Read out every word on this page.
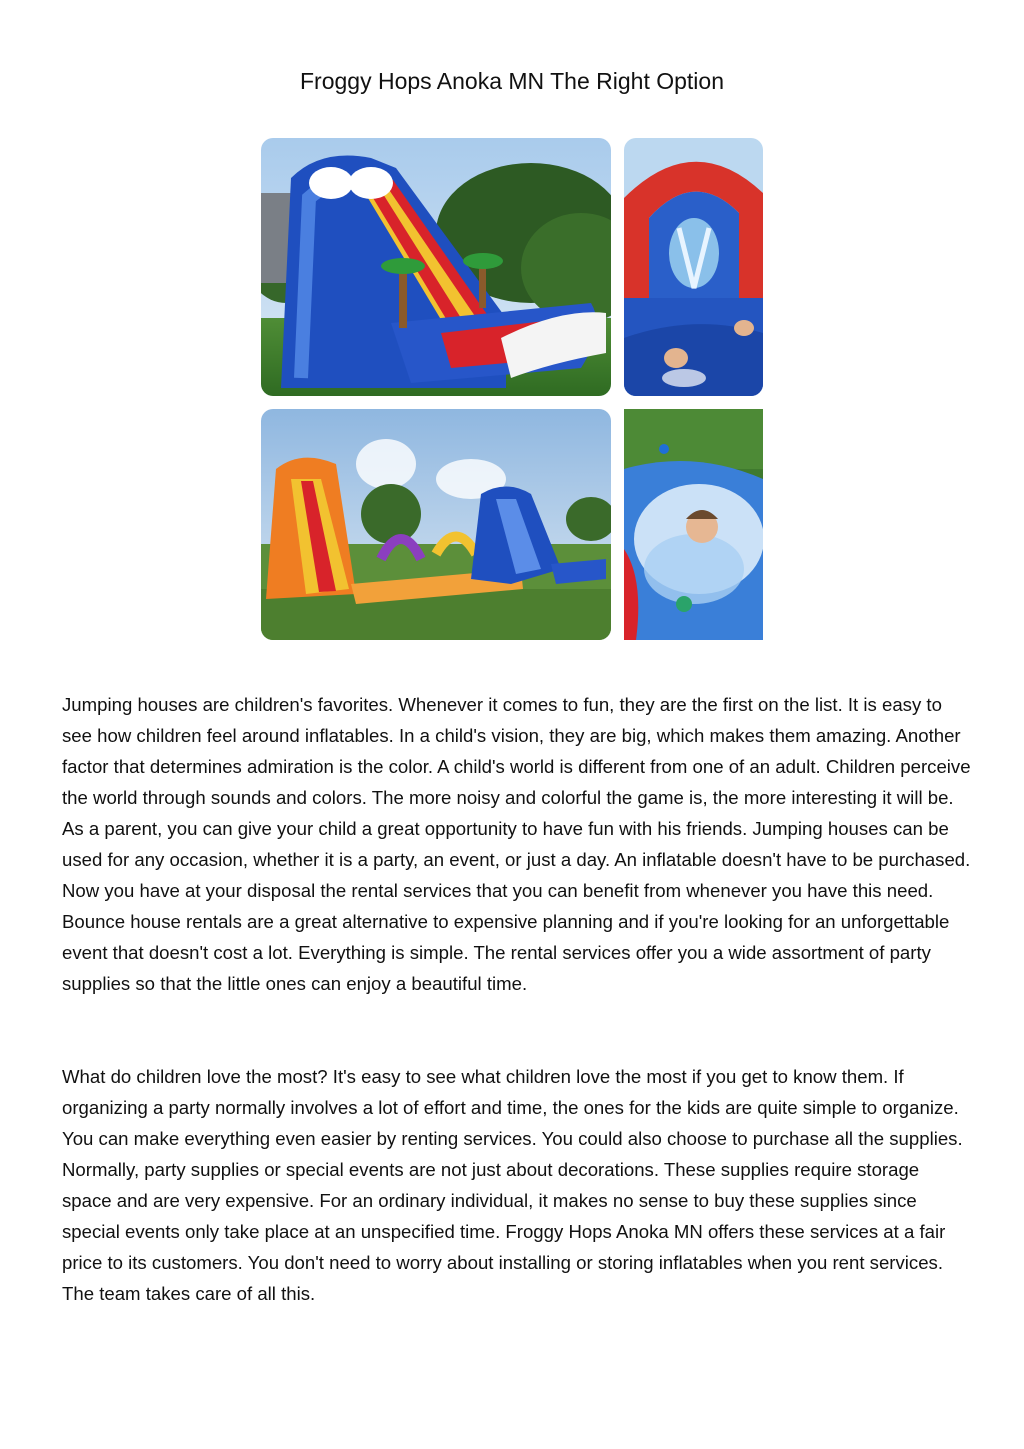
Froggy Hops Anoka MN The Right Option

Jumping houses are children's favorites. Whenever it comes to fun, they are the first on the list. It is easy to see how children feel around inflatables. In a child's vision, they are big, which makes them amazing. Another factor that determines admiration is the color. A child's world is different from one of an adult. Children perceive the world through sounds and colors. The more noisy and colorful the game is, the more interesting it will be. As a parent, you can give your child a great opportunity to have fun with his friends. Jumping houses can be used for any occasion, whether it is a party, an event, or just a day. An inflatable doesn't have to be purchased. Now you have at your disposal the rental services that you can benefit from whenever you have this need. Bounce house rentals are a great alternative to expensive planning and if you're looking for an unforgettable event that doesn't cost a lot. Everything is simple. The rental services offer you a wide assortment of party supplies so that the little ones can enjoy a beautiful time.

What do children love the most? It's easy to see what children love the most if you get to know them. If organizing a party normally involves a lot of effort and time, the ones for the kids are quite simple to organize. You can make everything even easier by renting services. You could also choose to purchase all the supplies. Normally, party supplies or special events are not just about decorations. These supplies require storage space and are very expensive. For an ordinary individual, it makes no sense to buy these supplies since special events only take place at an unspecified time. Froggy Hops Anoka MN offers these services at a fair price to its customers. You don't need to worry about installing or storing inflatables when you rent services. The team takes care of all this.
